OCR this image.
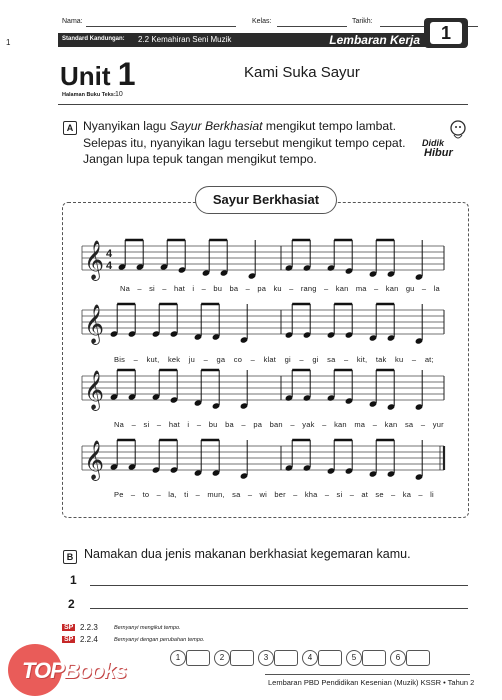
1
Nama:	Kelas:	Tarikh:
Standard Kandungan: 2.2 Kemahiran Seni Muzik	Lembaran Kerja	1
Unit 1	Kami Suka Sayur
Halaman Buku Teks: 10
A Nyanyikan lagu Sayur Berkhasiat mengikut tempo lambat. Selepas itu, nyanyikan lagu tersebut mengikut tempo cepat. Jangan lupa tepuk tangan mengikut tempo.
Didik
Hibur
Sayur Berkhasiat
𝄞 4
4
𝄞
𝄞
𝄞
Na – si – hat i – bu ba – pa ku – rang – kan ma – kan gu – la
Bis – kut, kek ju – ga co – klat gi – gi sa – kit, tak ku – at;
Na – si – hat i – bu ba – pa ban – yak – kan ma – kan sa – yur
Pe – to – la, ti – mun, sa – wi ber – kha – si – at se – ka – li
B Namakan dua jenis makanan berkhasiat kegemaran kamu.
1
2
SP 2.2.3	Bernyanyi mengikut tempo.
SP 2.2.4	Bernyanyi dengan perubahan tempo.
1	2	3	4	5	6
Lembaran PBD Pendidikan Kesenian (Muzik) KSSR • Tahun 2
TOPBooks
